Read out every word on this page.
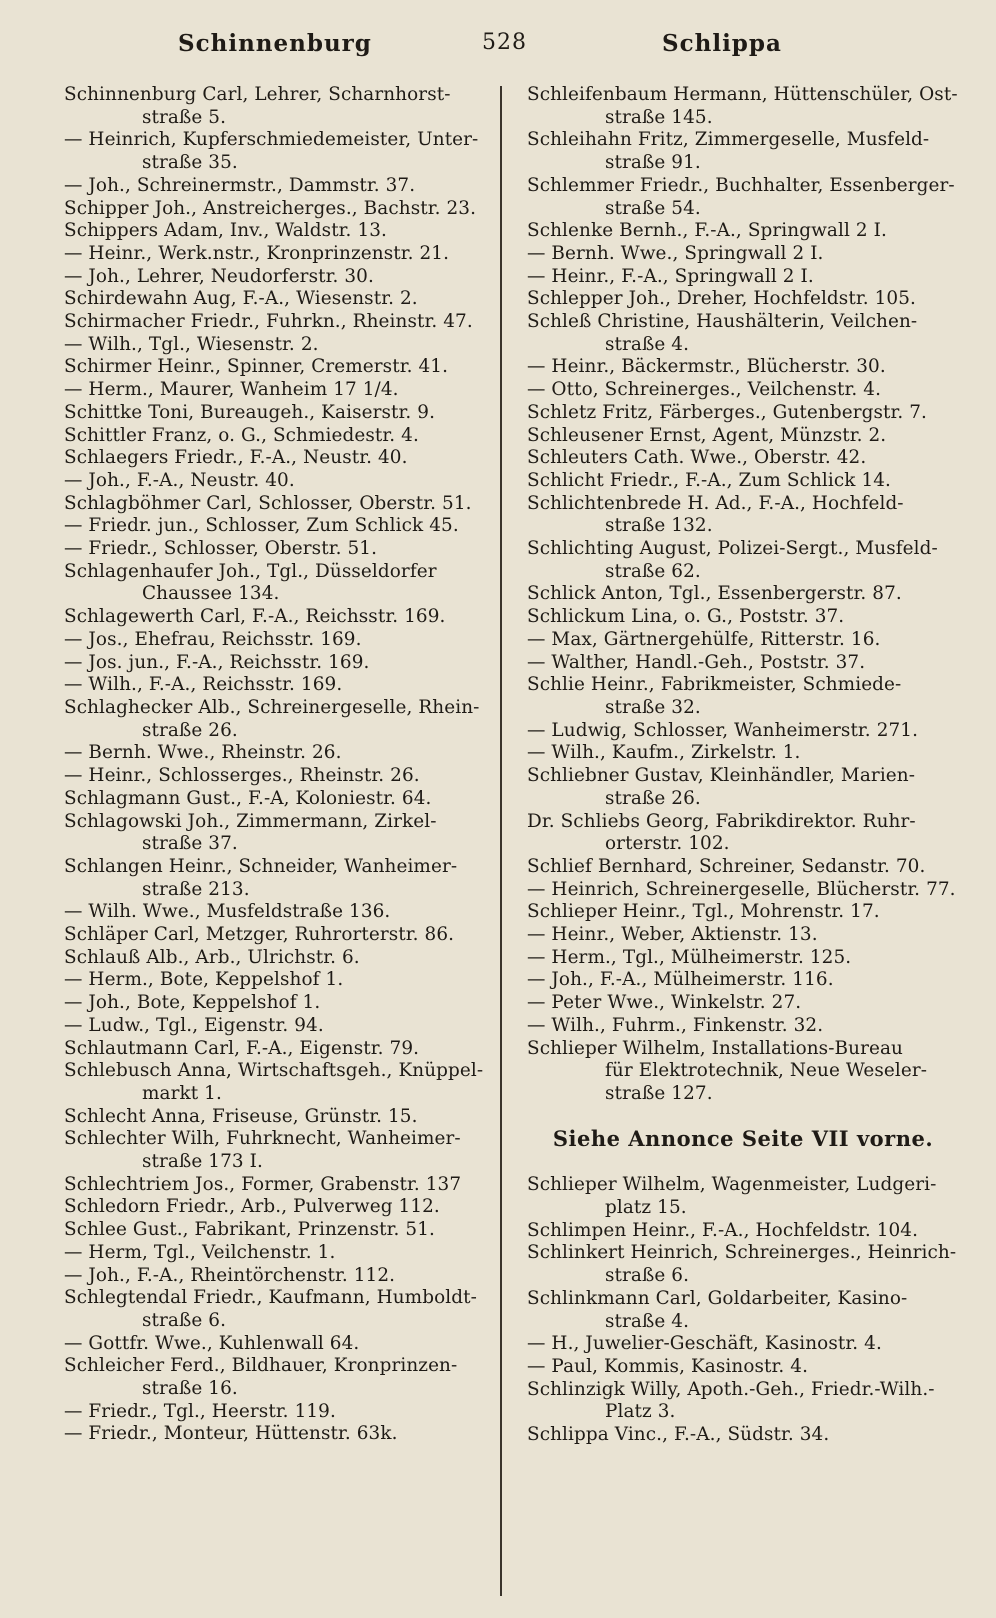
Schinnenburg	528	Schlippa
Schinnenburg Carl, Lehrer, Scharnhorst-
straße 5.
— Heinrich, Kupferschmiedemeister, Unter-
straße 35.
— Joh., Schreinermstr., Dammstr. 37.
Schipper Joh., Anstreicherges., Bachstr. 23.
Schippers Adam, Inv., Waldstr. 13.
— Heinr., Werk.nstr., Kronprinzenstr. 21.
— Joh., Lehrer, Neudorferstr. 30.
Schirdewahn Aug, F.-A., Wiesenstr. 2.
Schirmacher Friedr., Fuhrkn., Rheinstr. 47.
— Wilh., Tgl., Wiesenstr. 2.
Schirmer Heinr., Spinner, Cremerstr. 41.
— Herm., Maurer, Wanheim 17 1/4.
Schittke Toni, Bureaugeh., Kaiserstr. 9.
Schittler Franz, o. G., Schmiedestr. 4.
Schlaegers Friedr., F.-A., Neustr. 40.
— Joh., F.-A., Neustr. 40.
Schlagböhmer Carl, Schlosser, Oberstr. 51.
— Friedr. jun., Schlosser, Zum Schlick 45.
— Friedr., Schlosser, Oberstr. 51.
Schlagenhaufer Joh., Tgl., Düsseldorfer
Chaussee 134.
Schlagewerth Carl, F.-A., Reichsstr. 169.
— Jos., Ehefrau, Reichsstr. 169.
— Jos. jun., F.-A., Reichsstr. 169.
— Wilh., F.-A., Reichsstr. 169.
Schlaghecker Alb., Schreinergeselle, Rhein-
straße 26.
— Bernh. Wwe., Rheinstr. 26.
— Heinr., Schlosserges., Rheinstr. 26.
Schlagmann Gust., F.-A, Koloniestr. 64.
Schlagowski Joh., Zimmermann, Zirkel-
straße 37.
Schlangen Heinr., Schneider, Wanheimer-
straße 213.
— Wilh. Wwe., Musfeldstraße 136.
Schläper Carl, Metzger, Ruhrorterstr. 86.
Schlauß Alb., Arb., Ulrichstr. 6.
— Herm., Bote, Keppelshof 1.
— Joh., Bote, Keppelshof 1.
— Ludw., Tgl., Eigenstr. 94.
Schlautmann Carl, F.-A., Eigenstr. 79.
Schlebusch Anna, Wirtschaftsgeh., Knüppel-
markt 1.
Schlecht Anna, Friseuse, Grünstr. 15.
Schlechter Wilh, Fuhrknecht, Wanheimer-
straße 173 I.
Schlechtriem Jos., Former, Grabenstr. 137
Schledorn Friedr., Arb., Pulverweg 112.
Schlee Gust., Fabrikant, Prinzenstr. 51.
— Herm, Tgl., Veilchenstr. 1.
— Joh., F.-A., Rheintörchenstr. 112.
Schlegtendal Friedr., Kaufmann, Humboldt-
straße 6.
— Gottfr. Wwe., Kuhlenwall 64.
Schleicher Ferd., Bildhauer, Kronprinzen-
straße 16.
— Friedr., Tgl., Heerstr. 119.
— Friedr., Monteur, Hüttenstr. 63k.
Schleifenbaum Hermann, Hüttenschüler, Ost-
straße 145.
Schleihahn Fritz, Zimmergeselle, Musfeld-
straße 91.
Schlemmer Friedr., Buchhalter, Essenberger-
straße 54.
Schlenke Bernh., F.-A., Springwall 2 I.
— Bernh. Wwe., Springwall 2 I.
— Heinr., F.-A., Springwall 2 I.
Schlepper Joh., Dreher, Hochfeldstr. 105.
Schleß Christine, Haushälterin, Veilchen-
straße 4.
— Heinr., Bäckermstr., Blücherstr. 30.
— Otto, Schreinerges., Veilchenstr. 4.
Schletz Fritz, Färberges., Gutenbergstr. 7.
Schleusener Ernst, Agent, Münzstr. 2.
Schleuters Cath. Wwe., Oberstr. 42.
Schlicht Friedr., F.-A., Zum Schlick 14.
Schlichtenbrede H. Ad., F.-A., Hochfeld-
straße 132.
Schlichting August, Polizei-Sergt., Musfeld-
straße 62.
Schlick Anton, Tgl., Essenbergerstr. 87.
Schlickum Lina, o. G., Poststr. 37.
— Max, Gärtnergehülfe, Ritterstr. 16.
— Walther, Handl.-Geh., Poststr. 37.
Schlie Heinr., Fabrikmeister, Schmiede-
straße 32.
— Ludwig, Schlosser, Wanheimerstr. 271.
— Wilh., Kaufm., Zirkelstr. 1.
Schliebner Gustav, Kleinhändler, Marien-
straße 26.
Dr. Schliebs Georg, Fabrikdirektor. Ruhr-
orterstr. 102.
Schlief Bernhard, Schreiner, Sedanstr. 70.
— Heinrich, Schreinergeselle, Blücherstr. 77.
Schlieper Heinr., Tgl., Mohrenstr. 17.
— Heinr., Weber, Aktienstr. 13.
— Herm., Tgl., Mülheimerstr. 125.
— Joh., F.-A., Mülheimerstr. 116.
— Peter Wwe., Winkelstr. 27.
— Wilh., Fuhrm., Finkenstr. 32.
Schlieper Wilhelm, Installations-Bureau
für Elektrotechnik, Neue Weseler-
straße 127.
Siehe Annonce Seite VII vorne.
Schlieper Wilhelm, Wagenmeister, Ludgeri-
platz 15.
Schlimpen Heinr., F.-A., Hochfeldstr. 104.
Schlinkert Heinrich, Schreinerges., Heinrich-
straße 6.
Schlinkmann Carl, Goldarbeiter, Kasino-
straße 4.
— H., Juwelier-Geschäft, Kasinostr. 4.
— Paul, Kommis, Kasinostr. 4.
Schlinzigk Willy, Apoth.-Geh., Friedr.-Wilh.-
Platz 3.
Schlippa Vinc., F.-A., Südstr. 34.
